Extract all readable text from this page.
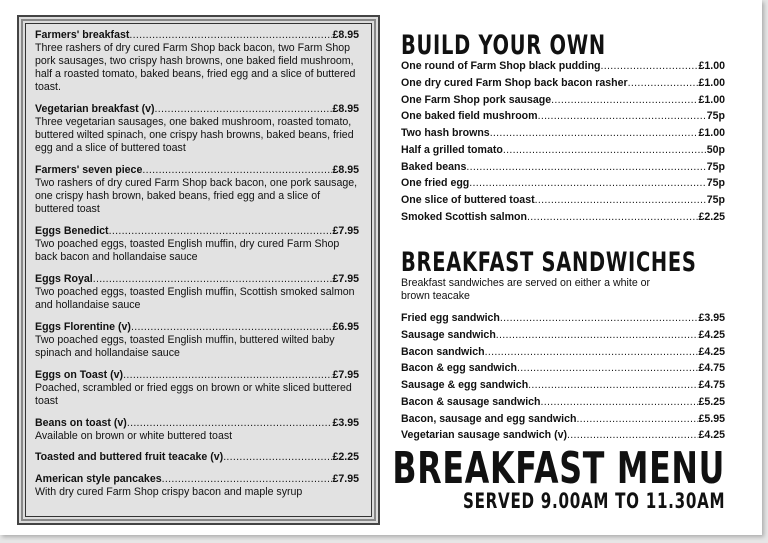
Farmers' breakfast .....	£8.95
Three rashers of dry cured Farm Shop back bacon, two Farm Shop pork sausages, two crispy hash browns, one baked field mushroom, half a roasted tomato, baked beans, fried egg and a slice of buttered toast.
Vegetarian breakfast (v) .....	£8.95
Three vegetarian sausages, one baked mushroom, roasted tomato, buttered wilted spinach, one crispy hash browns, baked beans, fried egg and a slice of buttered toast
Farmers' seven piece .....	£8.95
Two rashers of dry cured Farm Shop back bacon, one pork sausage, one crispy hash brown, baked beans, fried egg and a slice of buttered toast
Eggs Benedict .....	£7.95
Two poached eggs, toasted English muffin, dry cured Farm Shop back bacon and hollandaise sauce
Eggs Royal .....	£7.95
Two poached eggs, toasted English muffin, Scottish smoked salmon and hollandaise sauce
Eggs Florentine (v) .....	£6.95
Two poached eggs, toasted English muffin, buttered wilted baby spinach and hollandaise sauce
Eggs on Toast (v) .....	£7.95
Poached, scrambled or fried eggs on brown or white sliced buttered toast
Beans on toast (v) .....	£3.95
Available on brown or white buttered toast
Toasted and buttered fruit teacake (v) .....	£2.25
American style pancakes .....	£7.95
With dry cured Farm Shop crispy bacon and maple syrup
BUILD YOUR OWN
One round of Farm Shop black pudding .....	£1.00
One dry cured Farm Shop back bacon rasher .....	£1.00
One Farm Shop pork sausage .....	£1.00
One baked field mushroom .....	75p
Two hash browns .....	£1.00
Half a grilled tomato .....	50p
Baked beans .....	75p
One fried egg .....	75p
One slice of buttered toast .....	75p
Smoked Scottish salmon .....	£2.25
BREAKFAST SANDWICHES
Breakfast sandwiches are served on either a white or brown teacake
Fried egg sandwich .....	£3.95
Sausage sandwich .....	£4.25
Bacon sandwich .....	£4.25
Bacon & egg sandwich .....	£4.75
Sausage & egg sandwich .....	£4.75
Bacon & sausage sandwich .....	£5.25
Bacon, sausage and egg sandwich .....	£5.95
Vegetarian sausage sandwich (v) .....	£4.25
BREAKFAST MENU
SERVED 9.00AM TO 11.30AM
